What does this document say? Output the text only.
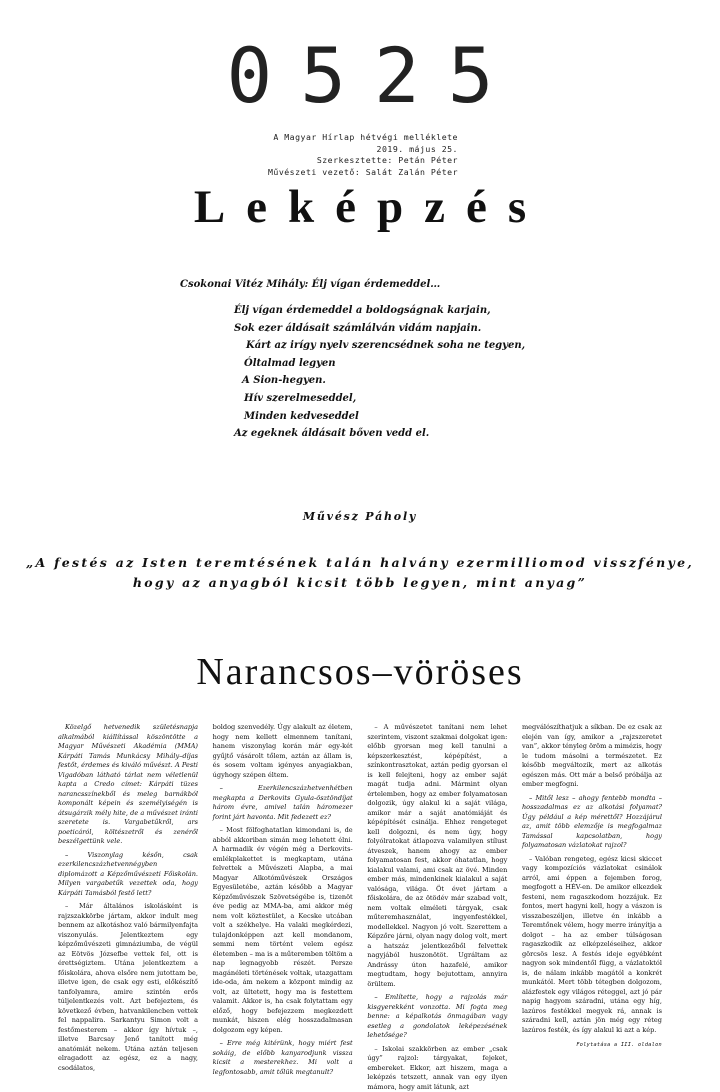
0525
A Magyar Hírlap hétvégi melléklete
2019. május 25.
Szerkesztette: Petán Péter
Művészeti vezető: Salát Zalán Péter
Leképzés
Csokonai Vitéz Mihály: Élj vígan érdemeddel…
Élj vígan érdemeddel a boldogságnak karjain,
Sok ezer áldásait számlálván vidám napjain.
Kárt az irígy nyelv szerencsédnek soha ne tegyen,
Óltalmad legyen
A Sion-hegyen.
Hív szerelmeseddel,
Minden kedveseddel
Az egeknek áldásait bőven vedd el.
Művész Páholy
„A festés az Isten teremtésének talán halvány ezermilliomod visszfénye,
hogy az anyagból kicsit több legyen, mint anyag”
Narancsos–vöröses

Közelgő hetvenedik születésnapja alkalmából kiállítással köszöntötte a Magyar Művészeti Akadémia (MMA) Kárpáti Tamás Munkácsy Mihály–díjas festőt, érdemes és kiváló művészt. A Pesti Vigadóban látható tárlat nem véletlenül kapta a Credo címet: Kárpáti tüzes narancsszínekből és meleg barnákból komponált képein és személyiségén is átsugárzik mély hite, de a művészet iránti szeretete is. Vargabetűkről, ars poeticáról, költészetről és zenéről beszélgettünk vele.

– Viszonylag későn, csak ezerkilencszázhetvennégyben diplomázott a Képzőművészeti Főiskolán. Milyen vargabetűk vezettek oda, hogy Kárpáti Tamásból festő lett?

– Már általános iskolásként is rajzszakkörbe jártam, akkor indult meg bennem az alkotáshoz való bármilyenfajta viszonyulás. Jelentkeztem egy képzőművészeti gimnáziumba, de végül az Eötvös Józsefbe vettek fel, ott is érettségiztem. Utána jelentkeztem a főiskolára, ahova elsőre nem jutottam be, illetve igen, de csak egy esti, előkészítő tanfolyamra, amire szintén erős túljelentkezés volt. Azt befejeztem, és következő évben, hatvankilencben vettek fel nappalira. Sarkantyu Simon volt a festőmesterem – akkor így hívtuk –, illetve Barcsay Jenő tanított még anatómiát nekem. Utána aztán teljesen elragadott az egész, ez a nagy, csodálatos,

boldog szenvedély. Úgy alakult az életem, hogy nem kellett elmennem tanítani, hanem viszonylag korán már egy-két gyűjtő vásárolt tőlem, aztán az állam is, és sosem voltam igényes anyagiakban, úgyhogy szépen éltem.

– Ezerkilencszázhetvenhétben megkapta a Derkovits Gyula-ösztöndíjat három évre, amivel talán háromezer forint járt havonta. Mit fedezett ez?

– Most fölfoghatatlan kimondani is, de abból akkoriban simán meg lehetett élni. A harmadik év végén még a Derkovits-emlékplakettet is megkaptam, utána felvettek a Művészeti Alapba, a mai Magyar Alkotóművészek Országos Egyesületébe, aztán később a Magyar Képzőművészek Szövetségébe is, tizenöt éve pedig az MMA-ba, ami akkor még nem volt köztestület, a Kecske utcában volt a székhelye. Ha valaki megkérdezi, tulajdonképpen azt kell mondanom, semmi nem történt velem egész életemben – ma is a műteremben töltöm a nap legnagyobb részét. Persze magánéleti történések voltak, utazgattam ide-oda, ám nekem a központ mindig az volt, az ültetett, hogy ma is festettem valamit. Akkor is, ha csak folytattam egy előző, hogy befejezzem megkezdett munkát, hiszen elég hosszadalmasan dolgozom egy képen.

– Erre még kitérünk, hogy miért fest sokáig, de előbb kanyarodjunk vissza kicsit a mesterekhez. Mi volt a legfontosabb, amit tőlük megtanult?

– A művészetet tanítani nem lehet szerintem, viszont szakmai dolgokat igen: előbb gyorsan meg kell tanulni a képszerkesztést, képépítést, a színkontrasztokat, aztán pedig gyorsan el is kell felejteni, hogy az ember saját magát tudja adni. Mármint olyan értelemben, hogy az ember folyamatosan dolgozik, úgy alakul ki a saját világa, amikor már a saját anatómiáját és képépítését csinálja. Ehhez rengeteget kell dolgozni, és nem úgy, hogy folyólratokat átlapozva valamilyen stílust átveszek, hanem ahogy az ember folyamatosan fest, akkor óhatatlan, hogy kialakul valami, ami csak az övé. Minden ember más, mindenkinek kialakul a saját valósága, világa. Öt évet jártam a főiskolára, de az ötödév már szabad volt, nem voltak elméleti tárgyak, csak műteremhasználat, ingyenfestékkel, modellekkel. Nagyon jó volt. Szerettem a Képzőre járni, olyan nagy dolog volt, mert a hatszáz jelentkezőből felvettek nagyjából huszonötöt. Ugráltam az Andrássy úton hazafelé, amikor megtudtam, hogy bejutottam, annyira örültem.

– Említette, hogy a rajzolás már kisgyerekként vonzotta. Mi fogta meg benne: a képalkotás önmagában vagy esetleg a gondolatok leképezésének lehetősége?

– Iskolai szakkörben az ember „csak úgy” rajzol: tárgyakat, fejeket, embereket. Ekkor, azt hiszem, maga a leképzés tetszett, annak van egy ilyen mámora, hogy amit látunk, azt

megválószíthatjuk a síkban. De ez csak az elején van így, amikor a „rajzszeretet van”, akkor tényleg öröm a mimézis, hogy le tudom másolni a természetet. Ez később megváltozik, mert az alkotás egészen más. Ott már a belső próbálja az ember megfogni.

– Mitől lesz – ahogy fentebb mondta – hosszadalmas ez az alkotási folyamat? Úgy például a kép mérettől? Hozzájárul az, amit több elemzője is megfogalmaz Tamással kapcsolatban, hogy folyamatosan vázlatokat rajzol?

– Valóban rengeteg, egész kicsi skiccet vagy kompozíciós vázlatokat csinálok arról, ami éppen a fejemben forog, megfogott a HÉV-en. De amikor elkezdek festeni, nem ragaszkodom hozzájuk. Ez fontos, mert hagyni kell, hogy a vászon is visszabeszéljen, illetve én inkább a Teremtőnek vélem, hogy merre irányítja a dolgot – ha az ember túlságosan ragaszkodik az elképzeléseihez, akkor görcsös lesz. A festés ideje egyébként nagyon sok mindentől függ, a vázlatoktól is, de nálam inkább magától a konkrét munkától. Mert több tétegben dolgozom, alázfestek egy világos réteggel, azt jó pár napig hagyom száradni, utána egy híg, lazúros festékkel megyek rá, annak is száradni kell, aztán jön még egy réteg lazúros festék, és így alakul ki azt a kép.

Folytatása a III. oldalon
